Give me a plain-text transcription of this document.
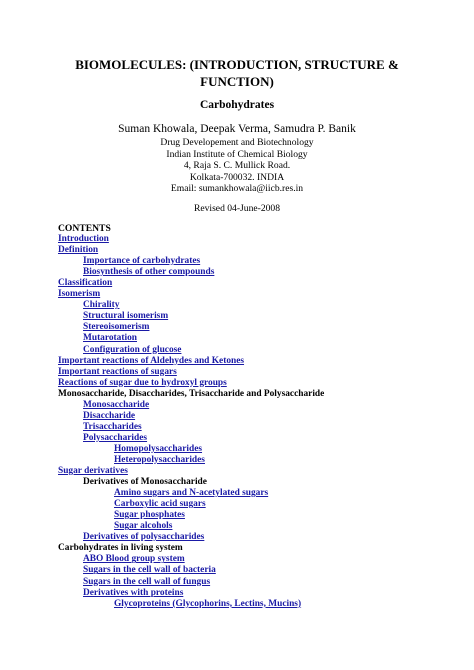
BIOMOLECULES: (INTRODUCTION, STRUCTURE &
FUNCTION)
Carbohydrates
Suman Khowala, Deepak Verma, Samudra P. Banik
Drug Developement and Biotechnology
Indian Institute of Chemical Biology
4, Raja S. C. Mullick Road.
Kolkata-700032. INDIA
Email: sumankhowala@iicb.res.in
Revised 04-June-2008
CONTENTS
Introduction
Definition
Importance of carbohydrates
Biosynthesis of other compounds
Classification
Isomerism
Chirality
Structural isomerism
Stereoisomerism
Mutarotation
Configuration of glucose
Important reactions of Aldehydes and Ketones
Important reactions of sugars
Reactions of sugar due to hydroxyl groups
Monosaccharide, Disaccharides, Trisaccharide and Polysaccharide
Monosaccharide
Disaccharide
Trisaccharides
Polysaccharides
Homopolysaccharides
Heteropolysaccharides
Sugar derivatives
Derivatives of Monosaccharide
Amino sugars and N-acetylated sugars
Carboxylic acid sugars
Sugar phosphates
Sugar alcohols
Derivatives of polysaccharides
Carbohydrates in living system
ABO Blood group system
Sugars in the cell wall of bacteria
Sugars in the cell wall of fungus
Derivatives with proteins
Glycoproteins (Glycophorins, Lectins, Mucins)
